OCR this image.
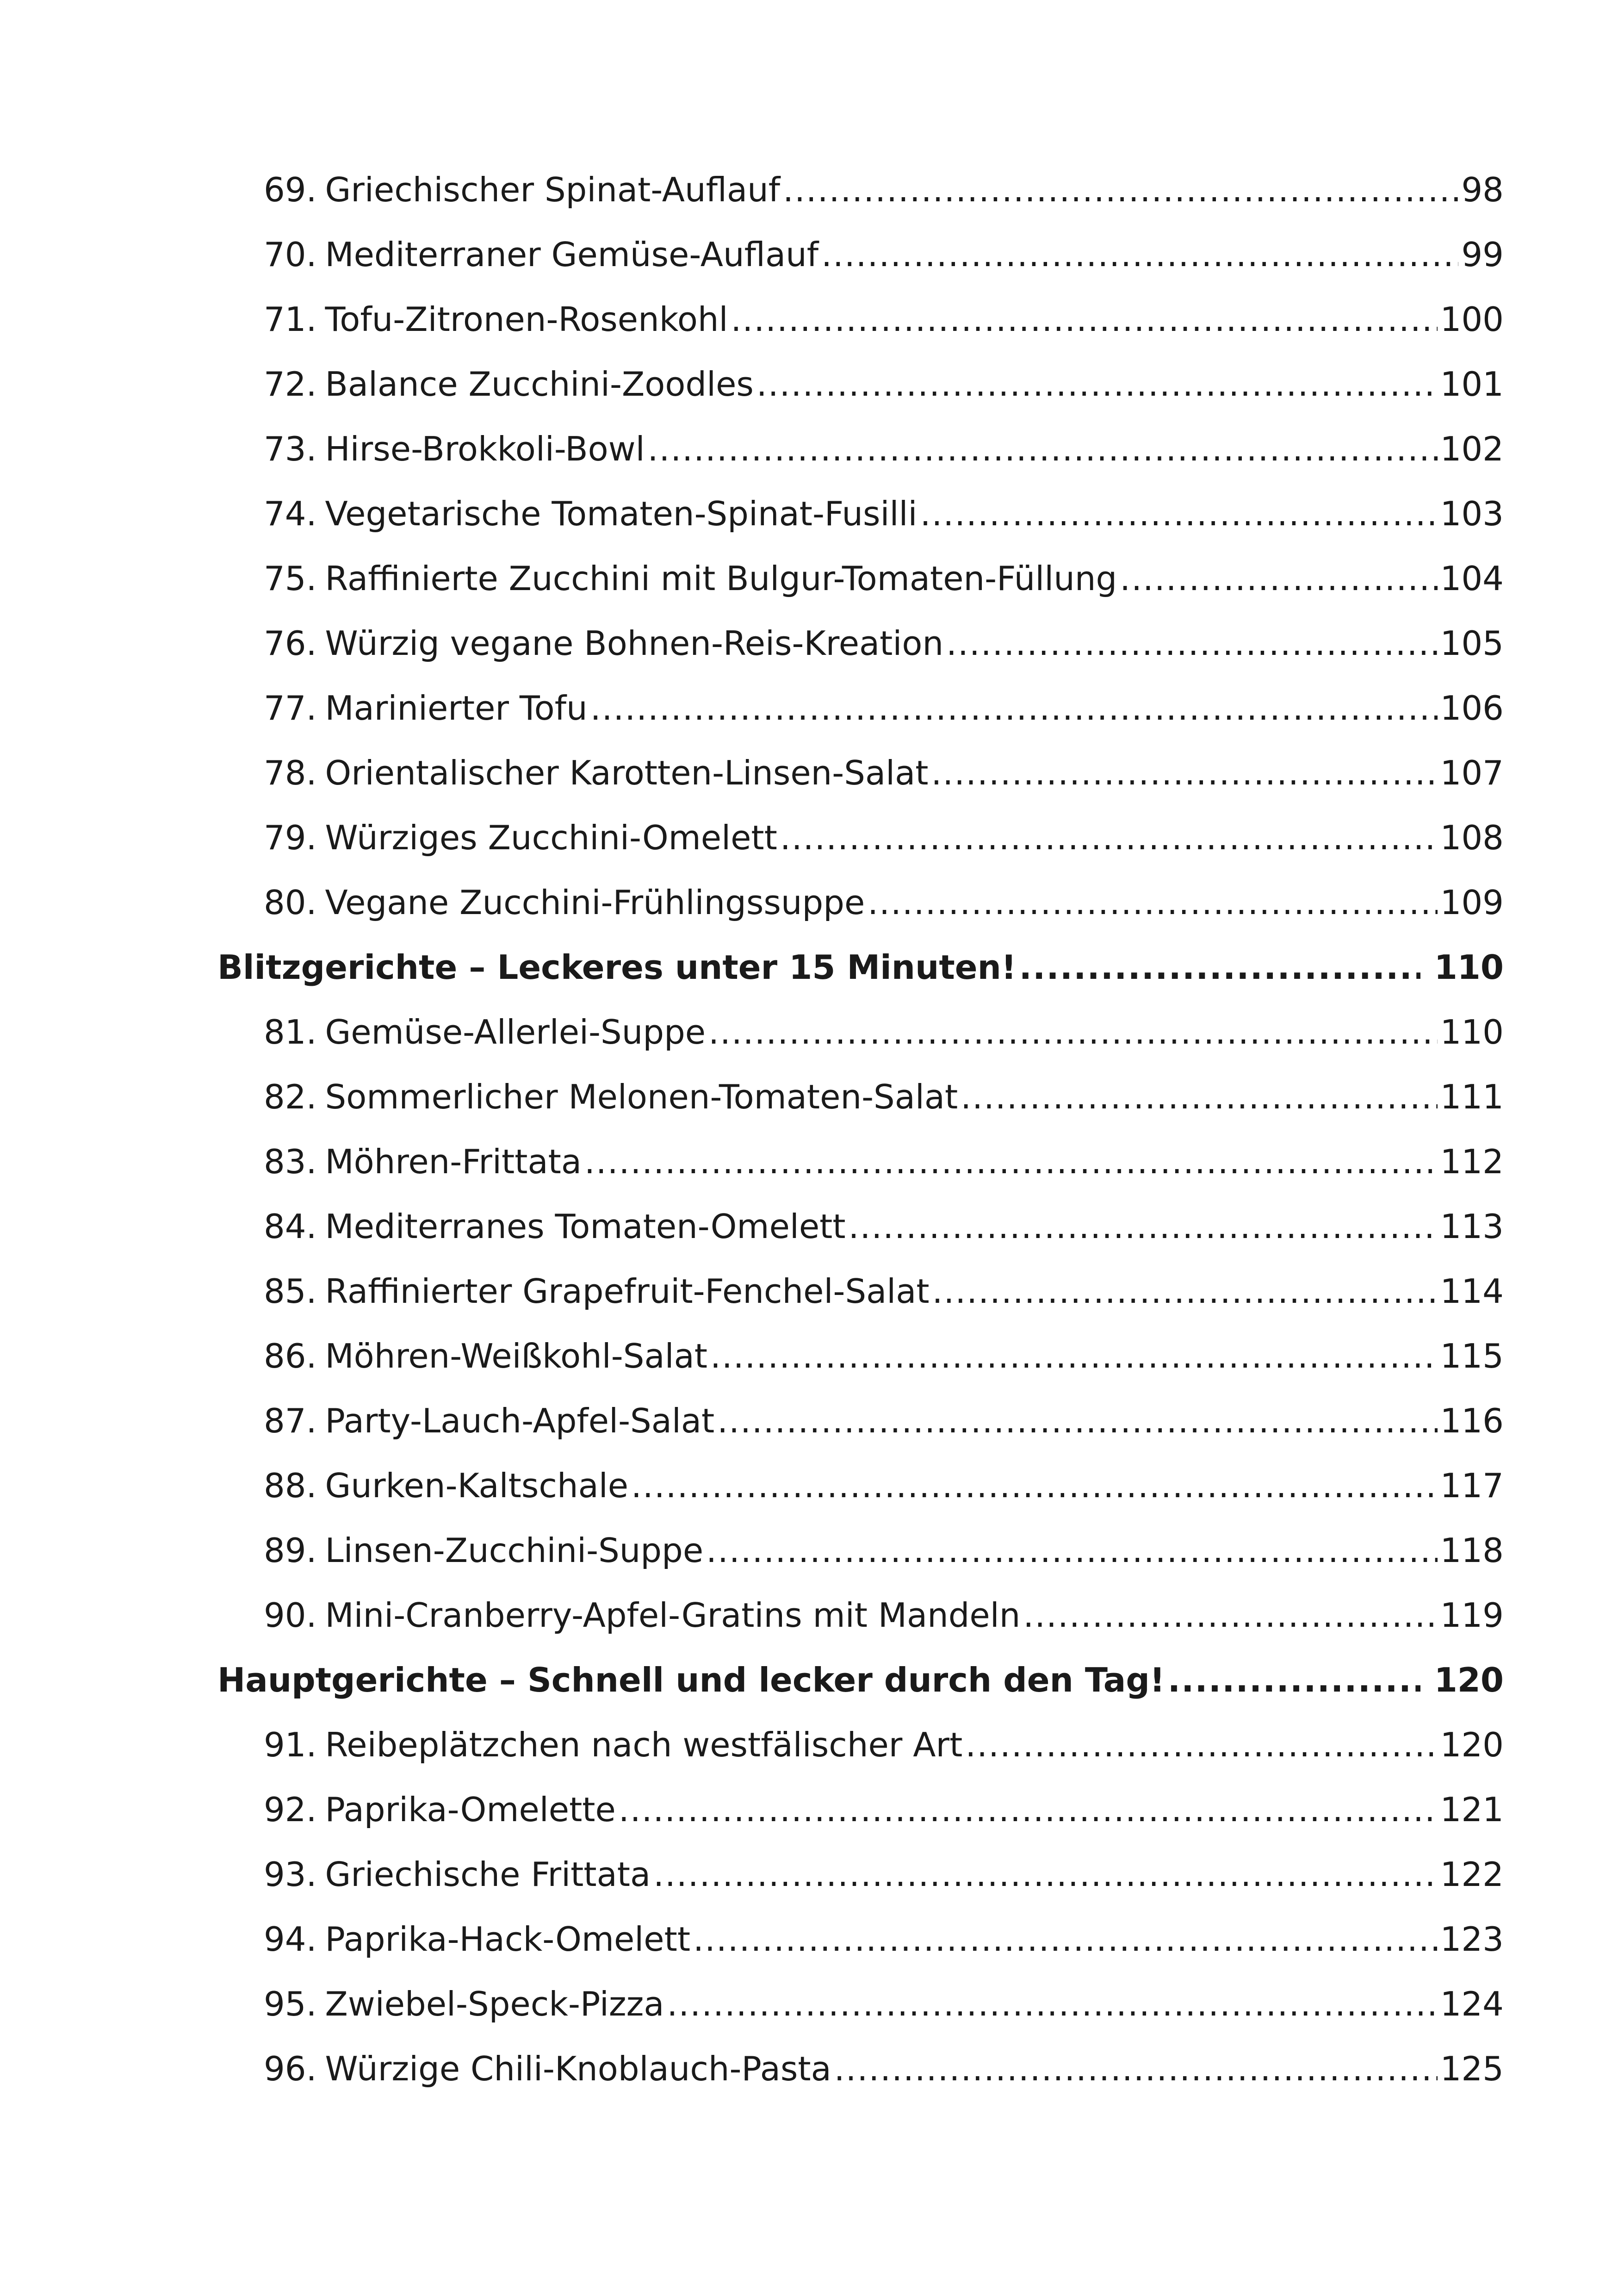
69. Griechischer Spinat-Auflauf .....	98
70. Mediterraner Gemüse-Auflauf .....	99
71. Tofu-Zitronen-Rosenkohl .....	100
72. Balance Zucchini-Zoodles .....	101
73. Hirse-Brokkoli-Bowl .....	102
74. Vegetarische Tomaten-Spinat-Fusilli .....	103
75. Raffinierte Zucchini mit Bulgur-Tomaten-Füllung .....	104
76. Würzig vegane Bohnen-Reis-Kreation .....	105
77. Marinierter Tofu .....	106
78. Orientalischer Karotten-Linsen-Salat .....	107
79. Würziges Zucchini-Omelett .....	108
80. Vegane Zucchini-Frühlingssuppe .....	109
Blitzgerichte – Leckeres unter 15 Minuten! .....	110
81. Gemüse-Allerlei-Suppe .....	110
82. Sommerlicher Melonen-Tomaten-Salat .....	111
83. Möhren-Frittata .....	112
84. Mediterranes Tomaten-Omelett .....	113
85. Raffinierter Grapefruit-Fenchel-Salat .....	114
86. Möhren-Weißkohl-Salat .....	115
87. Party-Lauch-Apfel-Salat .....	116
88. Gurken-Kaltschale .....	117
89. Linsen-Zucchini-Suppe .....	118
90. Mini-Cranberry-Apfel-Gratins mit Mandeln .....	119
Hauptgerichte – Schnell und lecker durch den Tag! .....	120
91. Reibeplätzchen nach westfälischer Art .....	120
92. Paprika-Omelette .....	121
93. Griechische Frittata .....	122
94. Paprika-Hack-Omelett .....	123
95. Zwiebel-Speck-Pizza .....	124
96. Würzige Chili-Knoblauch-Pasta .....	125
